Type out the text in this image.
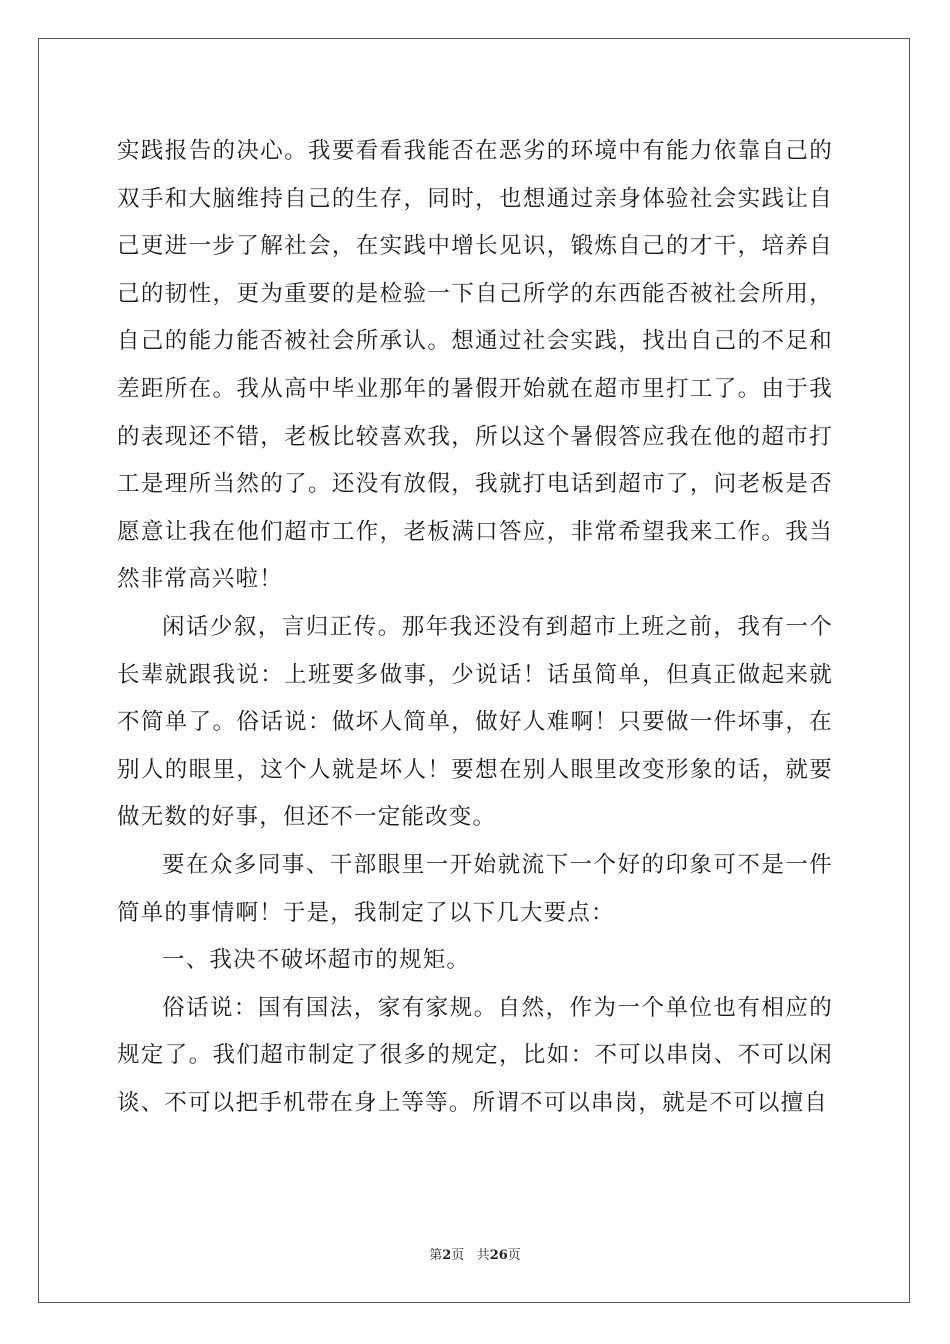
实践报告的决心。我要看看我能否在恶劣的环境中有能力依靠自己的双手和大脑维持自己的生存，同时，也想通过亲身体验社会实践让自己更进一步了解社会，在实践中增长见识，锻炼自己的才干，培养自己的韧性，更为重要的是检验一下自己所学的东西能否被社会所用，自己的能力能否被社会所承认。想通过社会实践，找出自己的不足和差距所在。我从高中毕业那年的暑假开始就在超市里打工了。由于我的表现还不错，老板比较喜欢我，所以这个暑假答应我在他的超市打工是理所当然的了。还没有放假，我就打电话到超市了，问老板是否愿意让我在他们超市工作，老板满口答应，非常希望我来工作。我当然非常高兴啦！

闲话少叙，言归正传。那年我还没有到超市上班之前，我有一个长辈就跟我说：上班要多做事，少说话！话虽简单，但真正做起来就不简单了。俗话说：做坏人简单，做好人难啊！只要做一件坏事，在别人的眼里，这个人就是坏人！要想在别人眼里改变形象的话，就要做无数的好事，但还不一定能改变。

要在众多同事、干部眼里一开始就流下一个好的印象可不是一件简单的事情啊！于是，我制定了以下几大要点：

一、我决不破坏超市的规矩。

俗话说：国有国法，家有家规。自然，作为一个单位也有相应的规定了。我们超市制定了很多的规定，比如：不可以串岗、不可以闲谈、不可以把手机带在身上等等。所谓不可以串岗，就是不可以擅自

第2页 共26页
